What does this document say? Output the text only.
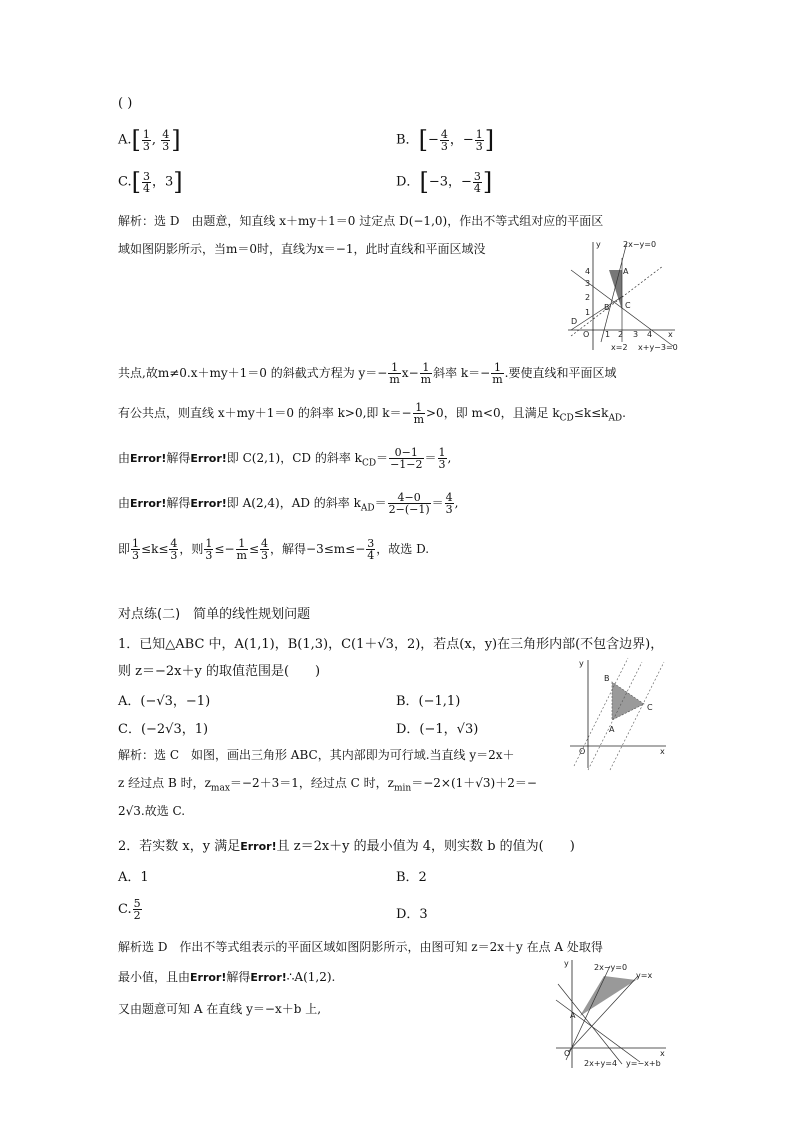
( )
$A.[ \frac{1}{3}$ , $\frac{4}{3}$ ]	B．[− $\frac{4}{3}$ ，− $\frac{1}{3}$ ]
$C.[ \frac{3}{4}$ ，3]	D．[−3，− $\frac{3}{4}$ ]
解析：选 D　由题意，知直线 x＋my＋1＝0 过定点 D(−1,0)，作出不等式组对应的平面区
域如图阴影所示，当m＝0时，直线为x＝−1，此时直线和平面区域没	y	2x−y=0
4
3
2
1
A
B C
D
O 1 2 3 4 x
x=2 x+y−3=0
共点,故m≠0.x＋my＋1＝0 的斜截式方程为 $y=- \frac{1}{m} x- \frac{1}{m}$ 斜率 $k=- \frac{1}{m}$ .要使直线和平面区域
有公共点，则直线 x＋my＋1＝0 的斜率 k>0,即 $k=- \frac{1}{m} >0$，即 m<0，且满足 $k_{CD}\le k\le k_{AD}$.
由Error!解得Error!即 C(2,1)，CD 的斜率 $k_{CD}= \frac{0-1}{-1-2} = \frac{1}{3}$ ,
由Error!解得Error!即 A(2,4)，AD 的斜率 $k_{AD}= \frac{4-0}{2-(-1)} = \frac{4}{3}$ ,
即 $\frac{1}{3} \le k\le \frac{4}{3}$ ，则 $\frac{1}{3} \le- \frac{1}{m} \le \frac{4}{3}$ ，解得$-3\le m\le- \frac{3}{4}$ ，故选 D.
对点练(二)　简单的线性规划问题
1．已知△ABC 中，A(1,1)，B(1,3)，C(1＋√3，2)，若点(x，y)在三角形内部(不包含边界)，
则 z＝−2x＋y 的取值范围是(　　)
A．(−√3，−1)	B．(−1,1)
C．(−2√3，1)	D．(−1，√3)
解析：选 C　如图，画出三角形 ABC，其内部即为可行域.当直线 y＝2x＋
z 经过点 B 时，$z_{max}=-2+3=1$，经过点 C 时，$z_{min}=-2\times(1+√3)+2=-$
2√3.故选 C.
y
B
C
A
O	x
2．若实数 x，y 满足Error!且 z＝2x＋y 的最小值为 4，则实数 b 的值为(　　)
A．1	B．2
C. $\frac{5}{2}$	D．3
解析选 D　作出不等式组表示的平面区域如图阴影所示，由图可知 z＝2x＋y 在点 A 处取得
最小值，且由Error!解得Error!∴A(1,2).
又由题意可知 A 在直线 y＝−x＋b 上,
y	2x−y=0
y=x
A
O	x
2x+y=4 y=−x+b
